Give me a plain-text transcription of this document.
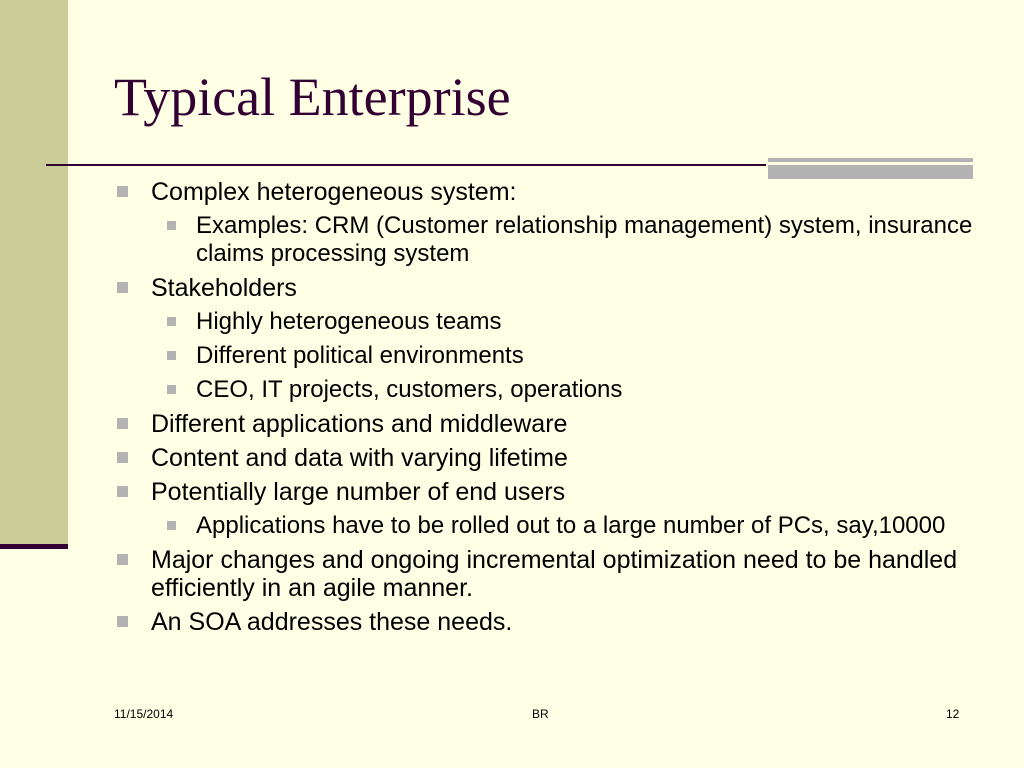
Typical Enterprise
Complex heterogeneous system:
Examples: CRM (Customer relationship management) system, insurance claims processing system
Stakeholders
Highly heterogeneous teams
Different political environments
CEO, IT projects, customers, operations
Different applications and middleware
Content and data with varying lifetime
Potentially large number of end users
Applications have to be rolled out to a large number of PCs, say,10000
Major changes and ongoing incremental optimization need to be handled efficiently in an agile manner.
An SOA addresses these needs.
11/15/2014	BR	12
